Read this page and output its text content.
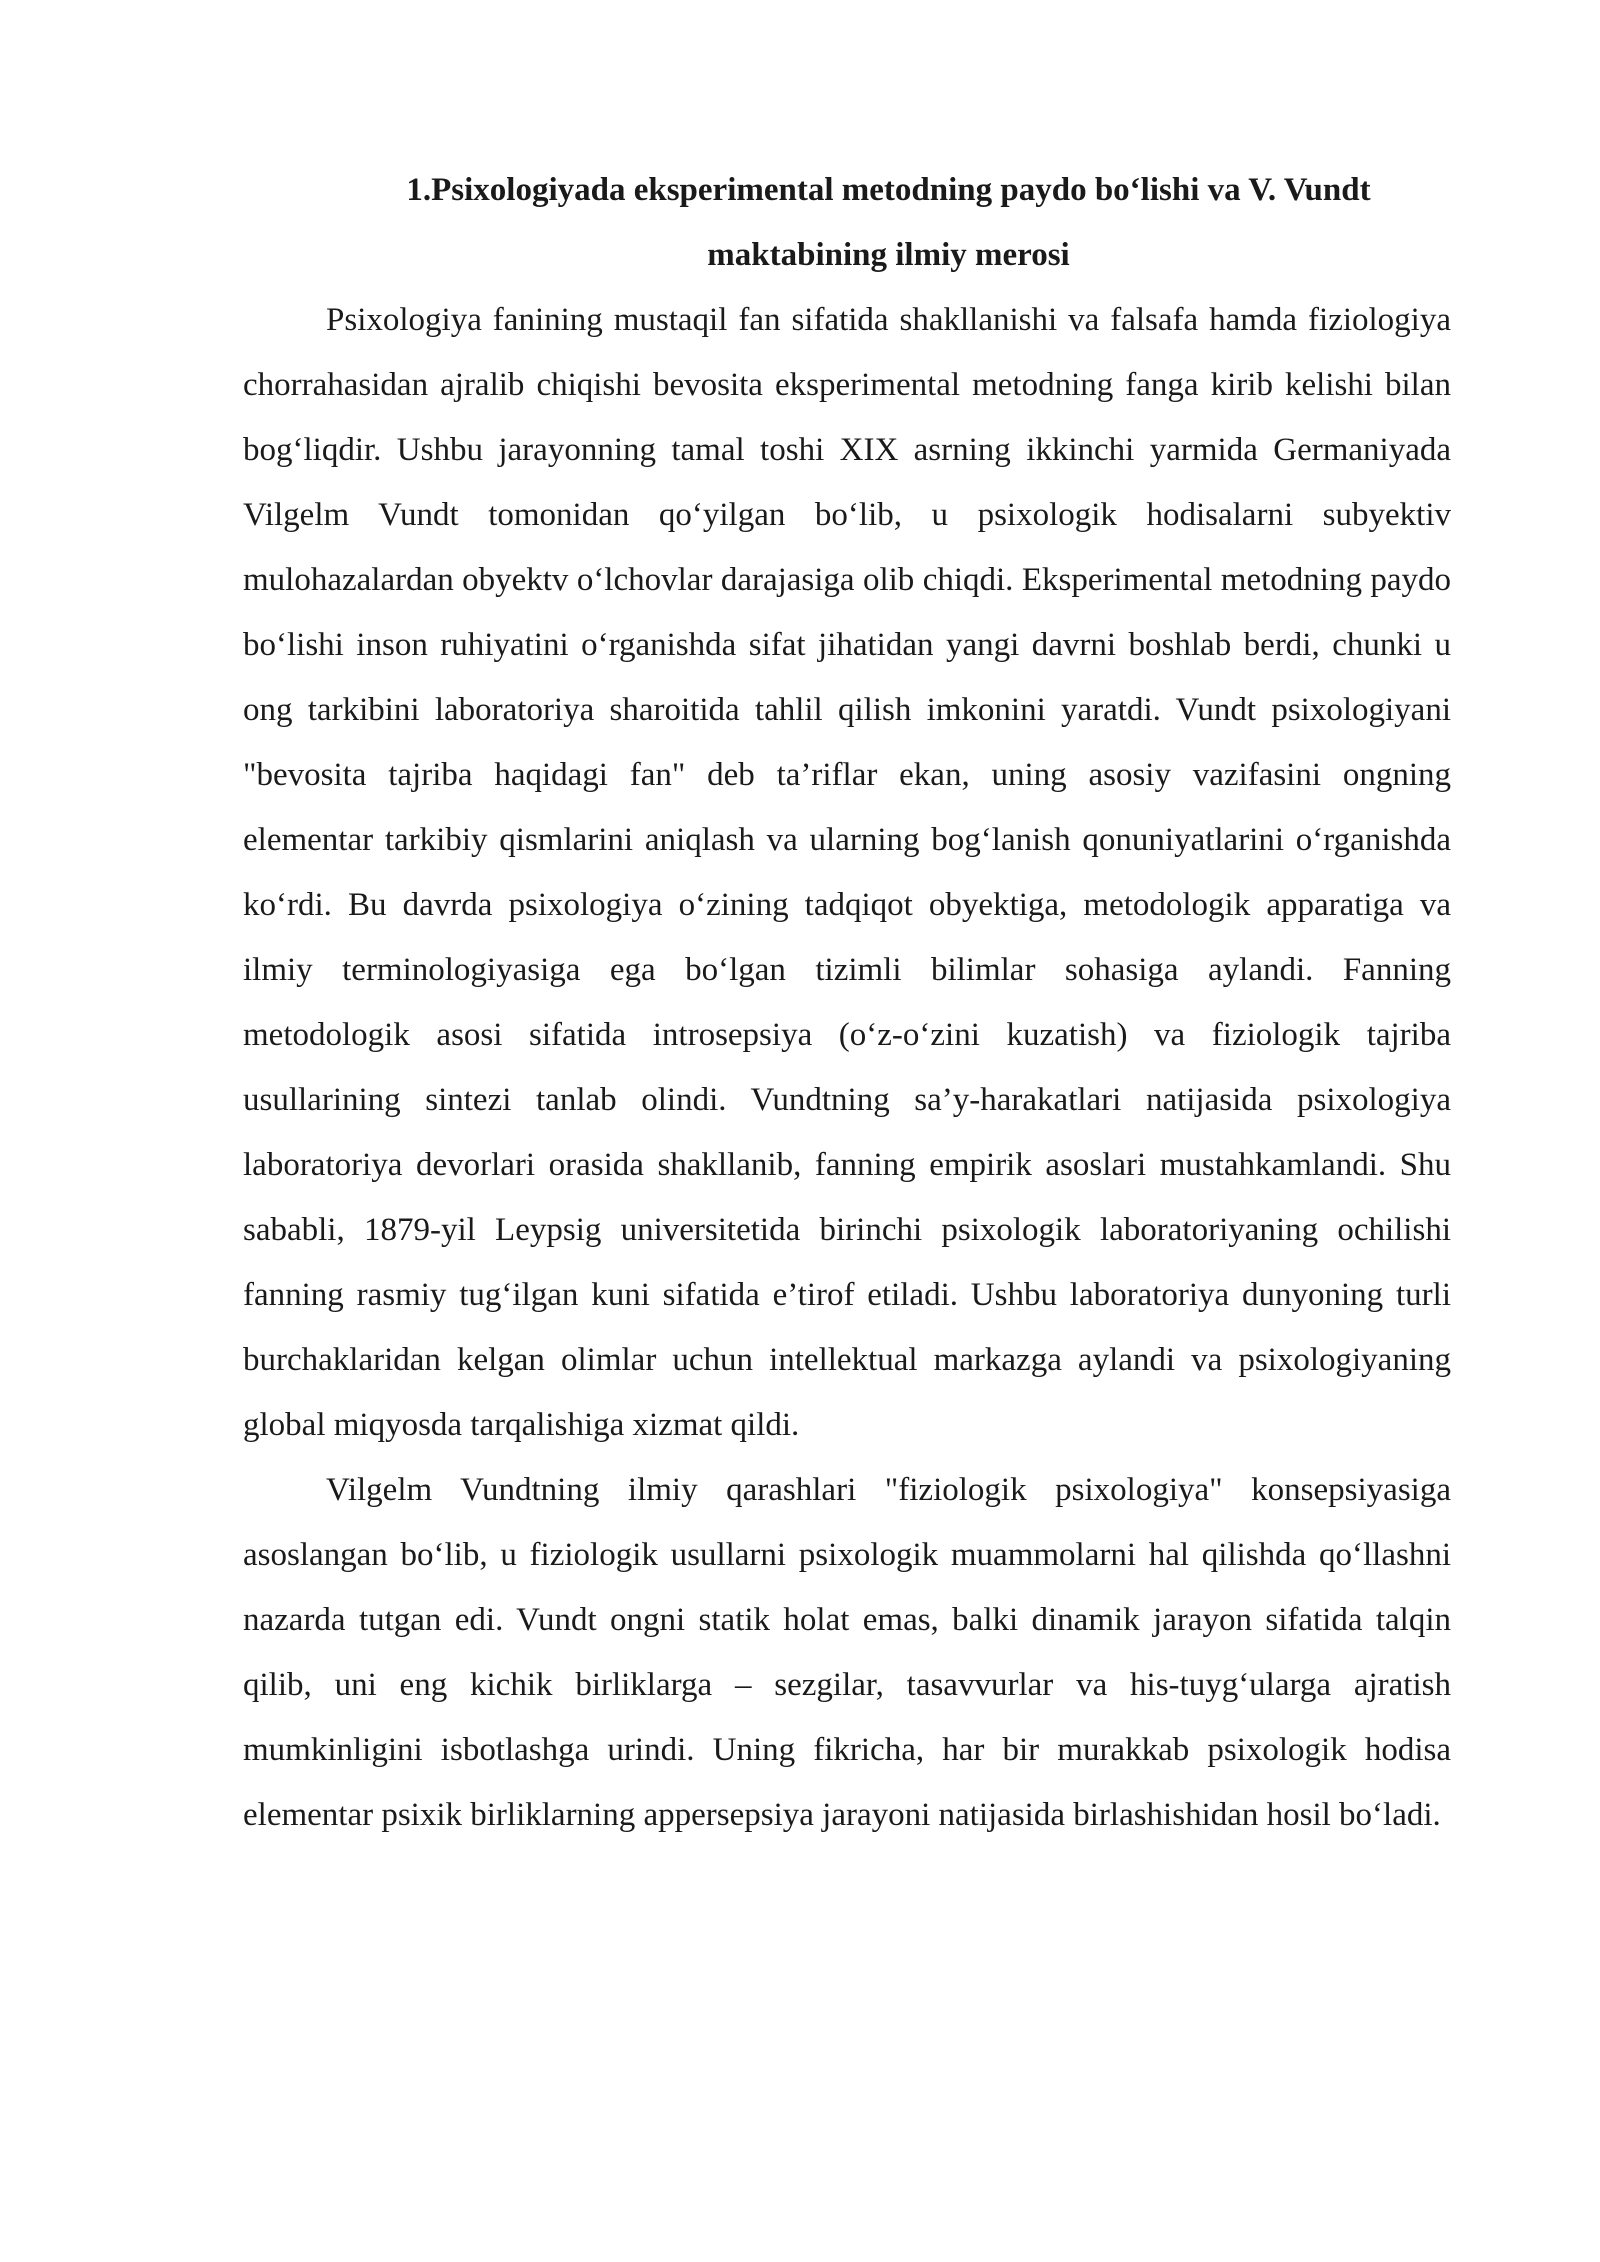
1.Psixologiyada eksperimental metodning paydo bo‘lishi va V. Vundt
maktabining ilmiy merosi

Psixologiya fanining mustaqil fan sifatida shakllanishi va falsafa hamda fiziologiya chorrahasidan ajralib chiqishi bevosita eksperimental metodning fanga kirib kelishi bilan bog‘liqdir. Ushbu jarayonning tamal toshi XIX asrning ikkinchi yarmida Germaniyada Vilgelm Vundt tomonidan qo‘yilgan bo‘lib, u psixologik hodisalarni subyektiv mulohazalardan obyektv o‘lchovlar darajasiga olib chiqdi. Eksperimental metodning paydo bo‘lishi inson ruhiyatini o‘rganishda sifat jihatidan yangi davrni boshlab berdi, chunki u ong tarkibini laboratoriya sharoitida tahlil qilish imkonini yaratdi. Vundt psixologiyani "bevosita tajriba haqidagi fan" deb ta’riflar ekan, uning asosiy vazifasini ongning elementar tarkibiy qismlarini aniqlash va ularning bog‘lanish qonuniyatlarini o‘rganishda ko‘rdi. Bu davrda psixologiya o‘zining tadqiqot obyektiga, metodologik apparatiga va ilmiy terminologiyasiga ega bo‘lgan tizimli bilimlar sohasiga aylandi. Fanning metodologik asosi sifatida introsepsiya (o‘z-o‘zini kuzatish) va fiziologik tajriba usullarining sintezi tanlab olindi. Vundtning sa’y-harakatlari natijasida psixologiya laboratoriya devorlari orasida shakllanib, fanning empirik asoslari mustahkamlandi. Shu sababli, 1879-yil Leypsig universitetida birinchi psixologik laboratoriyaning ochilishi fanning rasmiy tug‘ilgan kuni sifatida e’tirof etiladi. Ushbu laboratoriya dunyoning turli burchaklaridan kelgan olimlar uchun intellektual markazga aylandi va psixologiyaning global miqyosda tarqalishiga xizmat qildi.

Vilgelm Vundtning ilmiy qarashlari "fiziologik psixologiya" konsepsiyasiga asoslangan bo‘lib, u fiziologik usullarni psixologik muammolarni hal qilishda qo‘llashni nazarda tutgan edi. Vundt ongni statik holat emas, balki dinamik jarayon sifatida talqin qilib, uni eng kichik birliklarga – sezgilar, tasavvurlar va his-tuyg‘ularga ajratish mumkinligini isbotlashga urindi. Uning fikricha, har bir murakkab psixologik hodisa elementar psixik birliklarning appersepsiya jarayoni natijasida birlashishidan hosil bo‘ladi.
